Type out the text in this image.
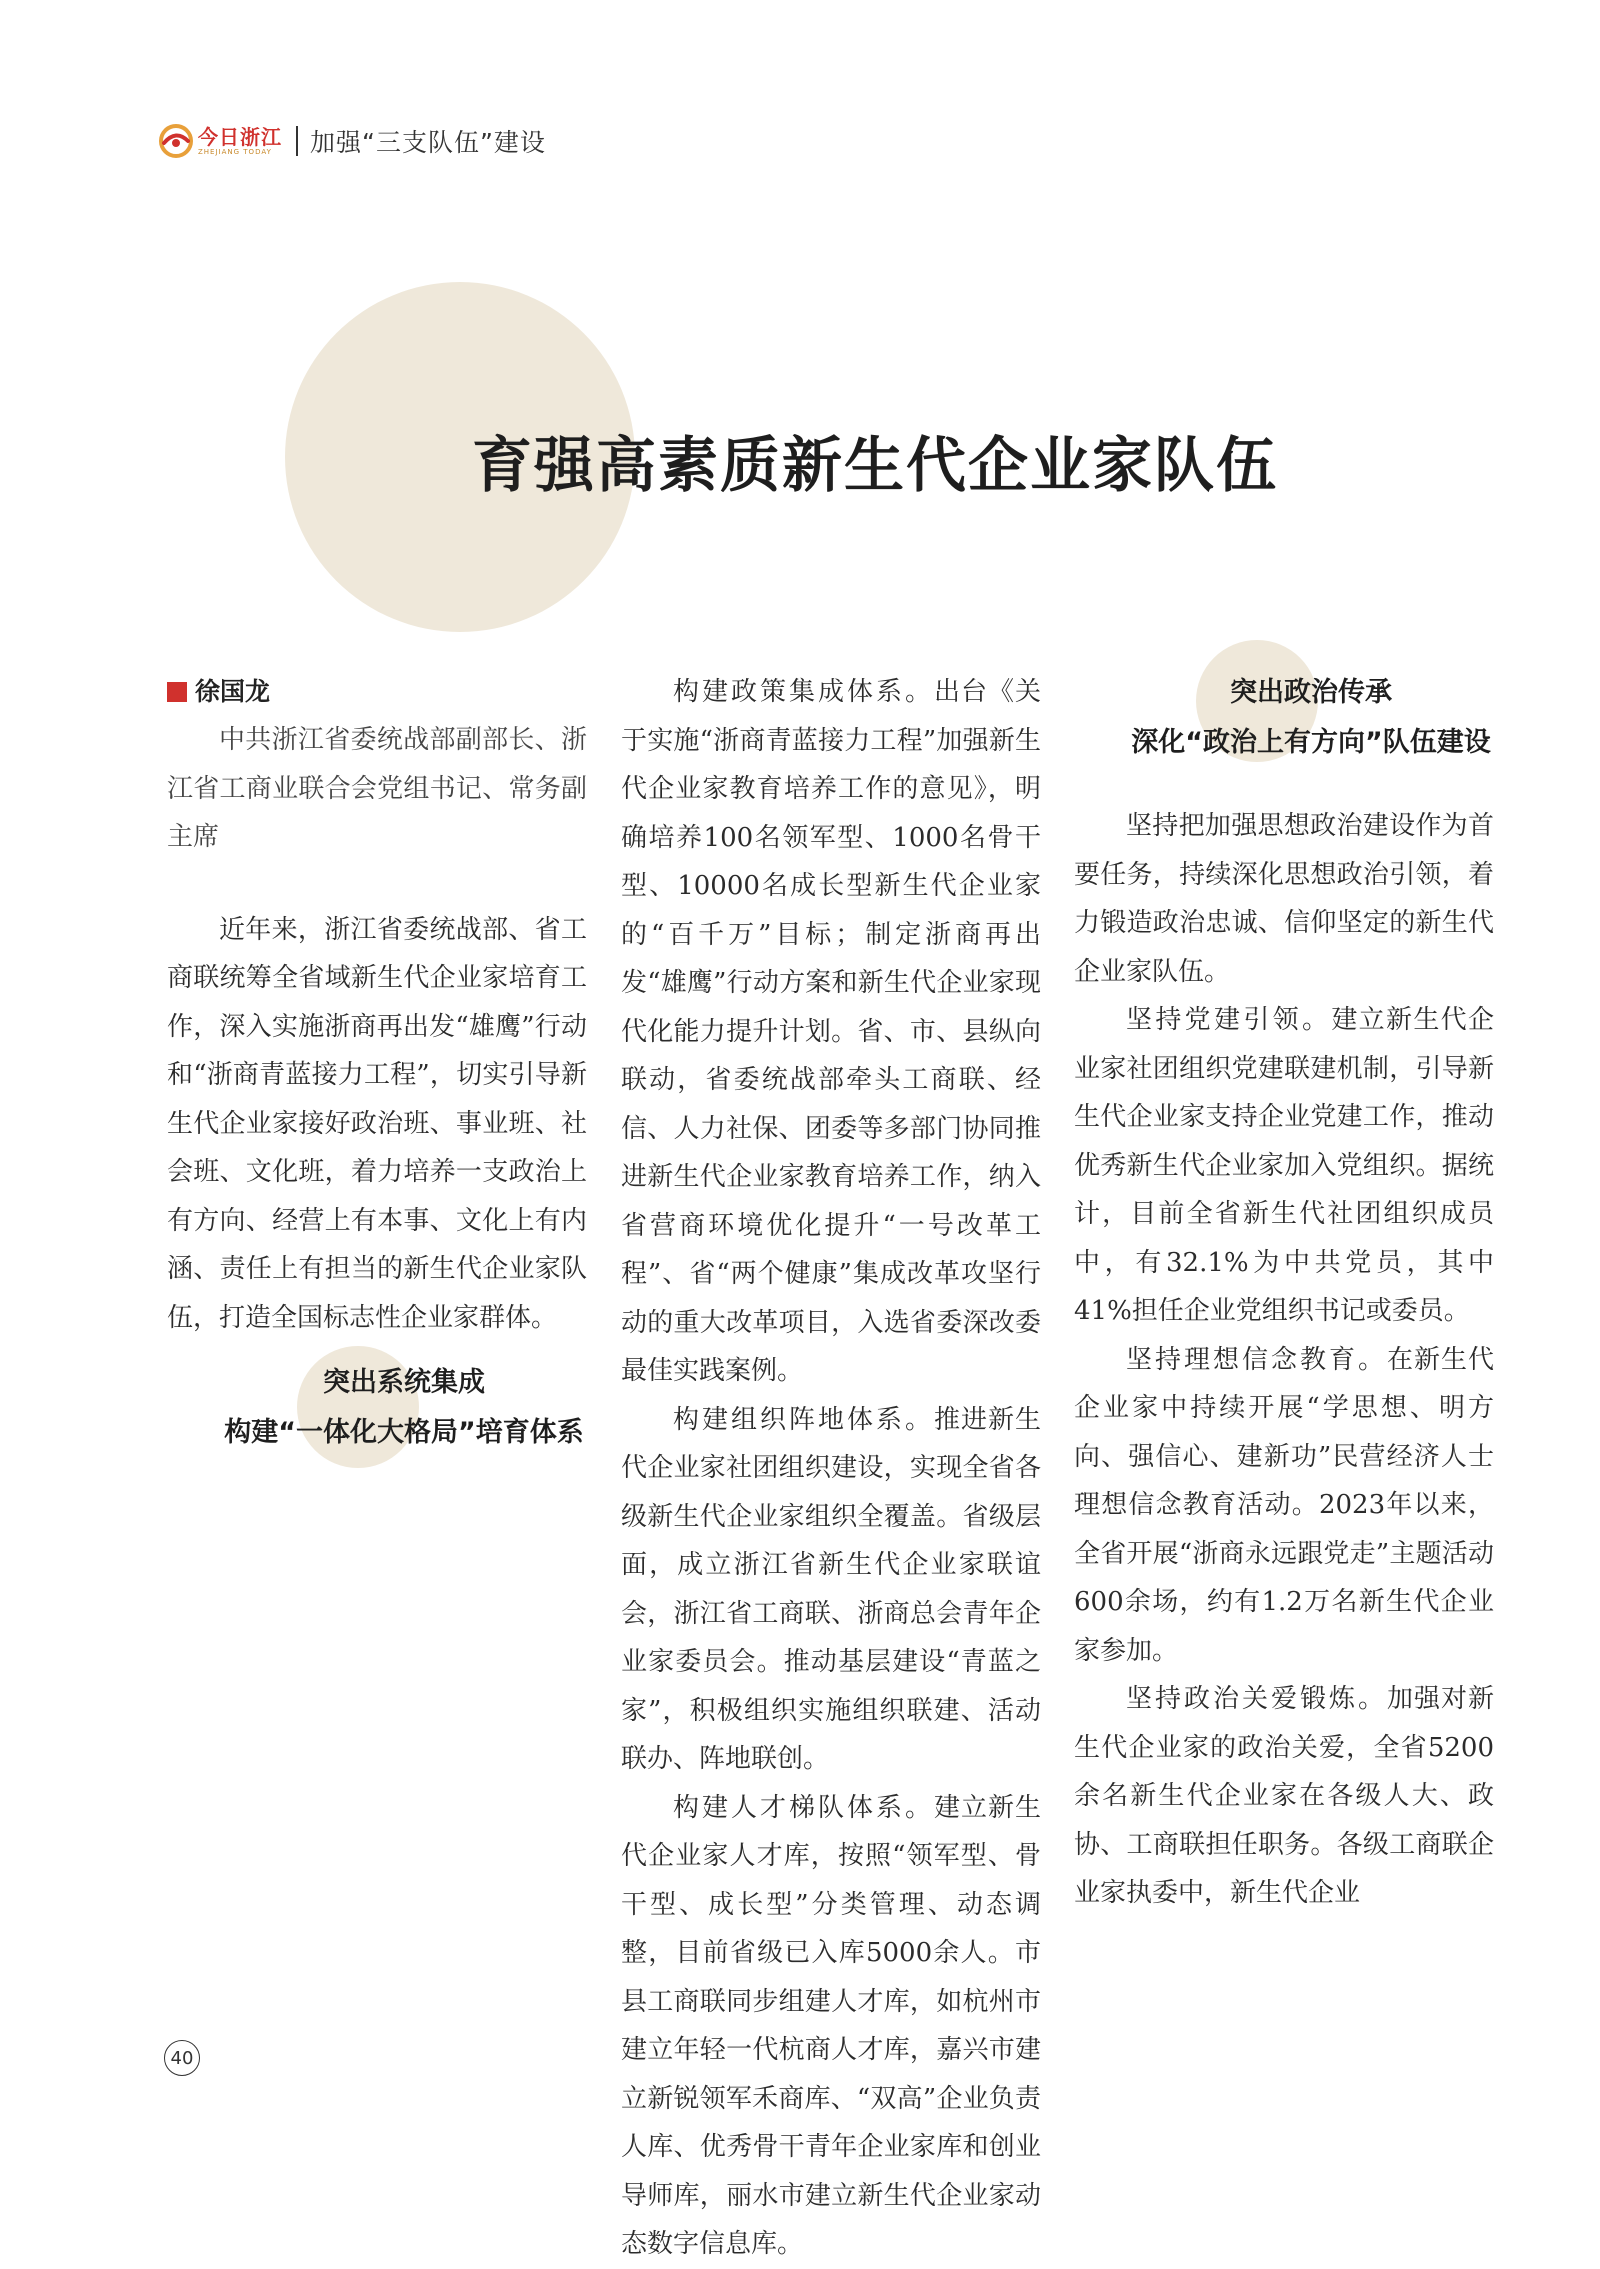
今日浙江
ZHEJIANG TODAY	加强“三支队伍”建设
育强高素质新生代企业家队伍
徐国龙

中共浙江省委统战部副部长、浙江省工商业联合会党组书记、常务副主席

近年来，浙江省委统战部、省工商联统筹全省域新生代企业家培育工作，深入实施浙商再出发“雄鹰”行动和“浙商青蓝接力工程”，切实引导新生代企业家接好政治班、事业班、社会班、文化班，着力培养一支政治上有方向、经营上有本事、文化上有内涵、责任上有担当的新生代企业家队伍，打造全国标志性企业家群体。

突出系统集成

构建“一体化大格局”培育体系

构建政策集成体系。出台《关于实施“浙商青蓝接力工程”加强新生代企业家教育培养工作的意见》，明确培养100名领军型、1000名骨干型、10000名成长型新生代企业家的“百千万”目标；制定浙商再出发“雄鹰”行动方案和新生代企业家现代化能力提升计划。省、市、县纵向联动，省委统战部牵头工商联、经信、人力社保、团委等多部门协同推进新生代企业家教育培养工作，纳入省营商环境优化提升“一号改革工程”、省“两个健康”集成改革攻坚行动的重大改革项目，入选省委深改委最佳实践案例。

构建组织阵地体系。推进新生代企业家社团组织建设，实现全省各级新生代企业家组织全覆盖。省级层面，成立浙江省新生代企业家联谊会，浙江省工商联、浙商总会青年企业家委员会。推动基层建设“青蓝之家”，积极组织实施组织联建、活动联办、阵地联创。

构建人才梯队体系。建立新生代企业家人才库，按照“领军型、骨干型、成长型”分类管理、动态调整，目前省级已入库5000余人。市县工商联同步组建人才库，如杭州市建立年轻一代杭商人才库，嘉兴市建立新锐领军禾商库、“双高”企业负责人库、优秀骨干青年企业家库和创业导师库，丽水市建立新生代企业家动态数字信息库。

突出政治传承

深化“政治上有方向”队伍建设

坚持把加强思想政治建设作为首要任务，持续深化思想政治引领，着力锻造政治忠诚、信仰坚定的新生代企业家队伍。

坚持党建引领。建立新生代企业家社团组织党建联建机制，引导新生代企业家支持企业党建工作，推动优秀新生代企业家加入党组织。据统计，目前全省新生代社团组织成员中，有32.1%为中共党员，其中41%担任企业党组织书记或委员。

坚持理想信念教育。在新生代企业家中持续开展“学思想、明方向、强信心、建新功”民营经济人士理想信念教育活动。2023年以来，全省开展“浙商永远跟党走”主题活动600余场，约有1.2万名新生代企业家参加。

坚持政治关爱锻炼。加强对新生代企业家的政治关爱，全省5200余名新生代企业家在各级人大、政协、工商联担任职务。各级工商联企业家执委中，新生代企业

40
